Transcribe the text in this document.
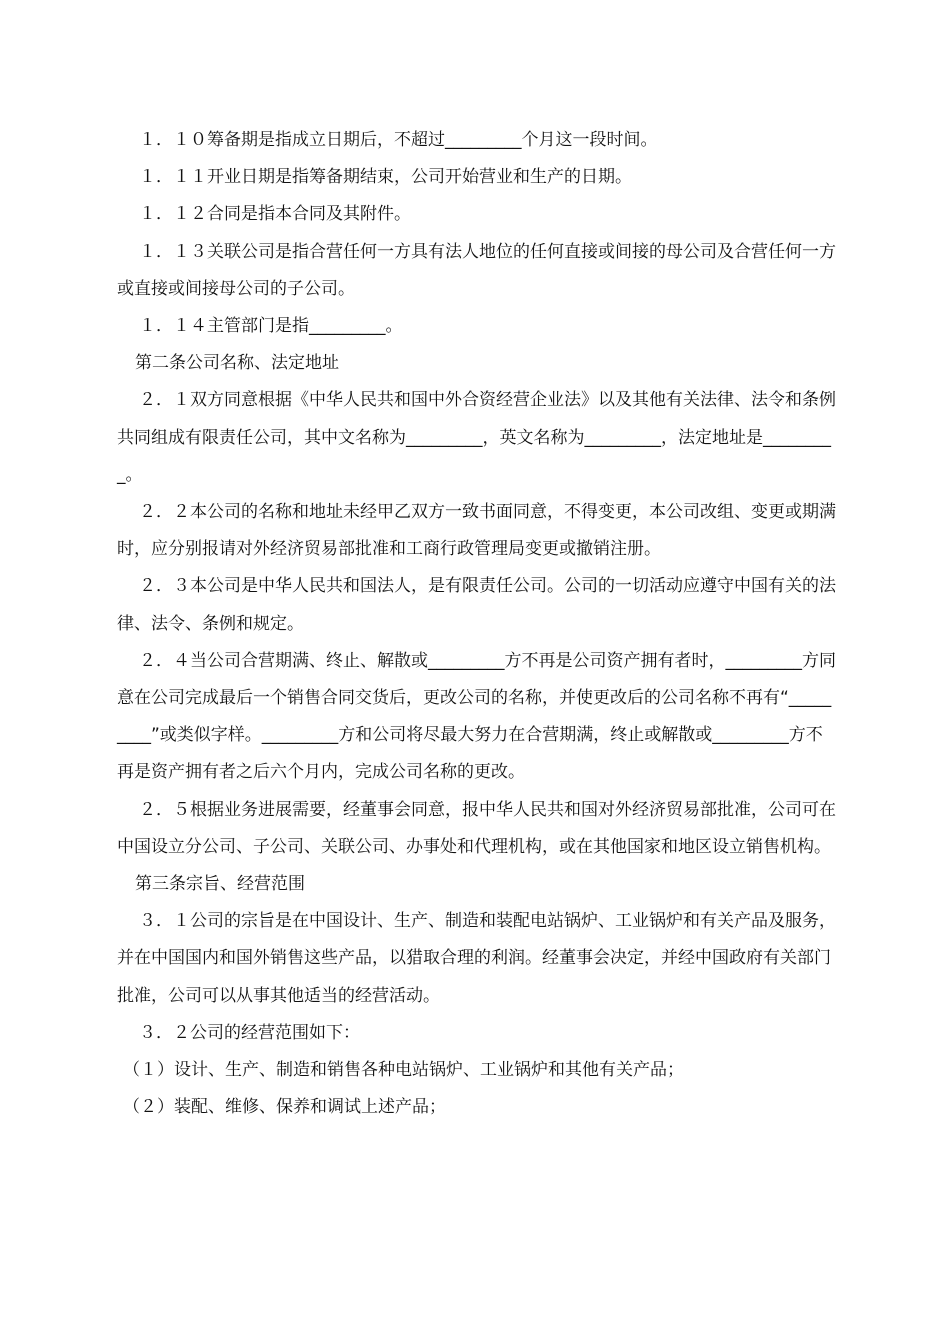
１．１０筹备期是指成立日期后，不超过_________个月这一段时间。

１．１１开业日期是指筹备期结束，公司开始营业和生产的日期。

１．１２合同是指本合同及其附件。

１．１３关联公司是指合营任何一方具有法人地位的任何直接或间接的母公司及合营任何一方或直接或间接母公司的子公司。

１．１４主管部门是指_________。

第二条公司名称、法定地址

２．１双方同意根据《中华人民共和国中外合资经营企业法》以及其他有关法律、法令和条例共同组成有限责任公司，其中文名称为_________，英文名称为_________，法定地址是_________。

２．２本公司的名称和地址未经甲乙双方一致书面同意，不得变更，本公司改组、变更或期满时，应分别报请对外经济贸易部批准和工商行政管理局变更或撤销注册。

２．３本公司是中华人民共和国法人，是有限责任公司。公司的一切活动应遵守中国有关的法律、法令、条例和规定。

２．４当公司合营期满、终止、解散或_________方不再是公司资产拥有者时，_________方同意在公司完成最后一个销售合同交货后，更改公司的名称，并使更改后的公司名称不再有“_________”或类似字样。_________方和公司将尽最大努力在合营期满，终止或解散或_________方不再是资产拥有者之后六个月内，完成公司名称的更改。

２．５根据业务进展需要，经董事会同意，报中华人民共和国对外经济贸易部批准，公司可在中国设立分公司、子公司、关联公司、办事处和代理机构，或在其他国家和地区设立销售机构。

第三条宗旨、经营范围

３．１公司的宗旨是在中国设计、生产、制造和装配电站锅炉、工业锅炉和有关产品及服务，并在中国国内和国外销售这些产品，以猎取合理的利润。经董事会决定，并经中国政府有关部门批准，公司可以从事其他适当的经营活动。

３．２公司的经营范围如下：

（１）设计、生产、制造和销售各种电站锅炉、工业锅炉和其他有关产品；

（２）装配、维修、保养和调试上述产品；
